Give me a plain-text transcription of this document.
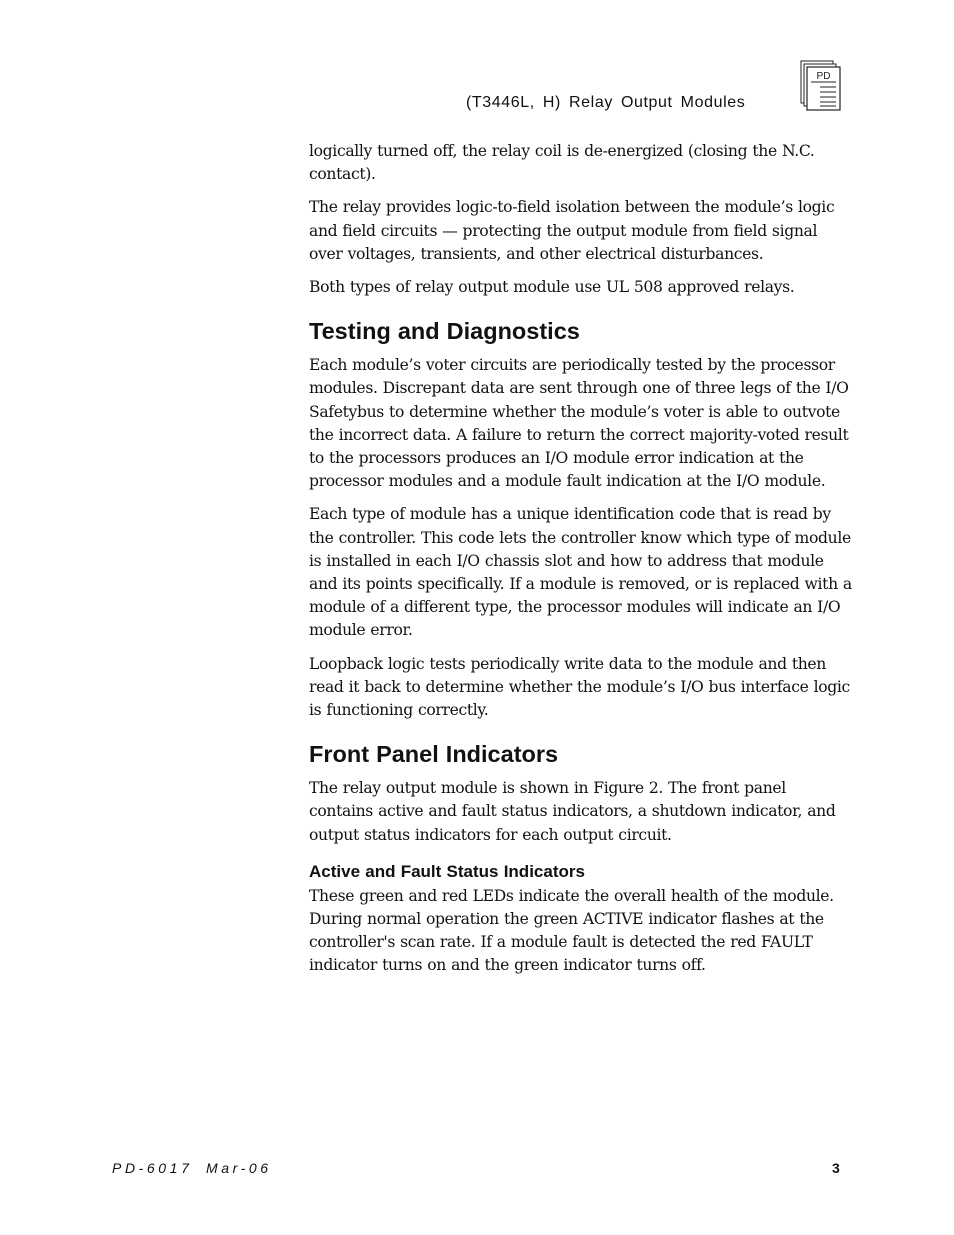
(T3446L, H) Relay Output Modules
PD

logically turned off, the relay coil is de-energized (closing the N.C. contact).

The relay provides logic-to-field isolation between the module’s logic and field circuits — protecting the output module from field signal over voltages, transients, and other electrical disturbances.

Both types of relay output module use UL 508 approved relays.

Testing and Diagnostics

Each module’s voter circuits are periodically tested by the processor modules. Discrepant data are sent through one of three legs of the I/O Safetybus to determine whether the module’s voter is able to outvote the incorrect data. A failure to return the correct majority-voted result to the processors produces an I/O module error indication at the processor modules and a module fault indication at the I/O module.

Each type of module has a unique identification code that is read by the controller. This code lets the controller know which type of module is installed in each I/O chassis slot and how to address that module and its points specifically. If a module is removed, or is replaced with a module of a different type, the processor modules will indicate an I/O module error.

Loopback logic tests periodically write data to the module and then read it back to determine whether the module’s I/O bus interface logic is functioning correctly.

Front Panel Indicators

The relay output module is shown in Figure 2. The front panel contains active and fault status indicators, a shutdown indicator, and output status indicators for each output circuit.

Active and Fault Status Indicators

These green and red LEDs indicate the overall health of the module. During normal operation the green ACTIVE indicator flashes at the controller's scan rate. If a module fault is detected the red FAULT indicator turns on and the green indicator turns off.

PD-6017 Mar-06	3
